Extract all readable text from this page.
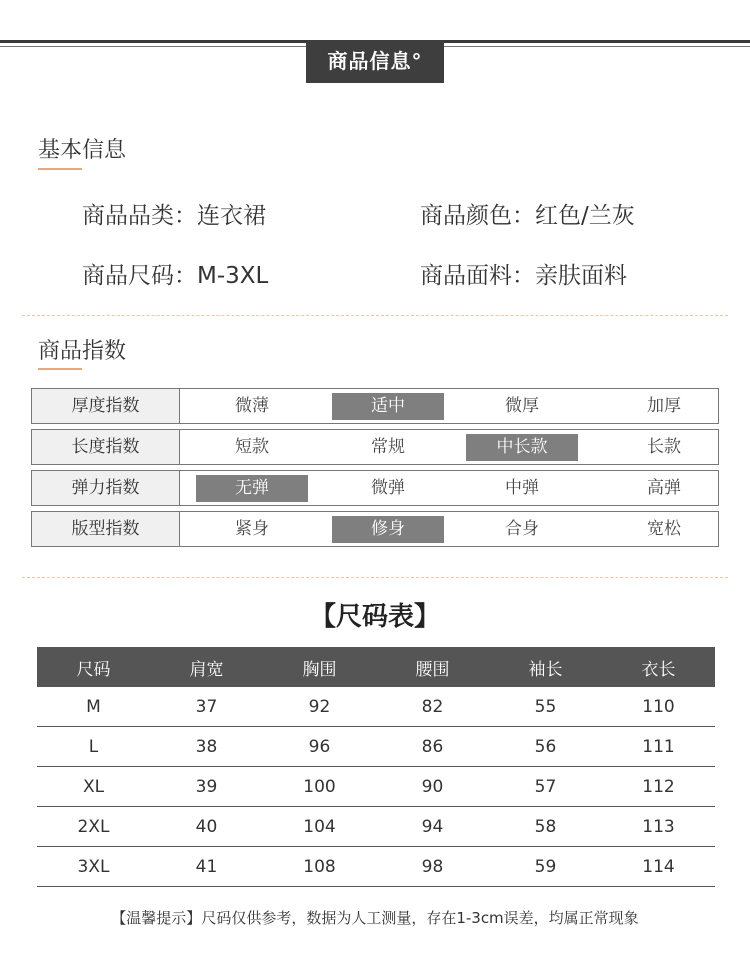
商品信息°
基本信息
商品品类：连衣裙	商品颜色：红色/兰灰
商品尺码：M-3XL	商品面料：亲肤面料
商品指数
厚度指数	微薄	适中	微厚	加厚
长度指数	短款	常规	中长款	长款
弹力指数	无弹	微弹	中弹	高弹
版型指数	紧身	修身	合身	宽松
【尺码表】
尺码	肩宽	胸围	腰围	袖长	衣长
M	37	92	82	55	110
L	38	96	86	56	111
XL	39	100	90	57	112
2XL	40	104	94	58	113
3XL	41	108	98	59	114
【温馨提示】尺码仅供参考，数据为人工测量，存在1-3cm误差，均属正常现象
